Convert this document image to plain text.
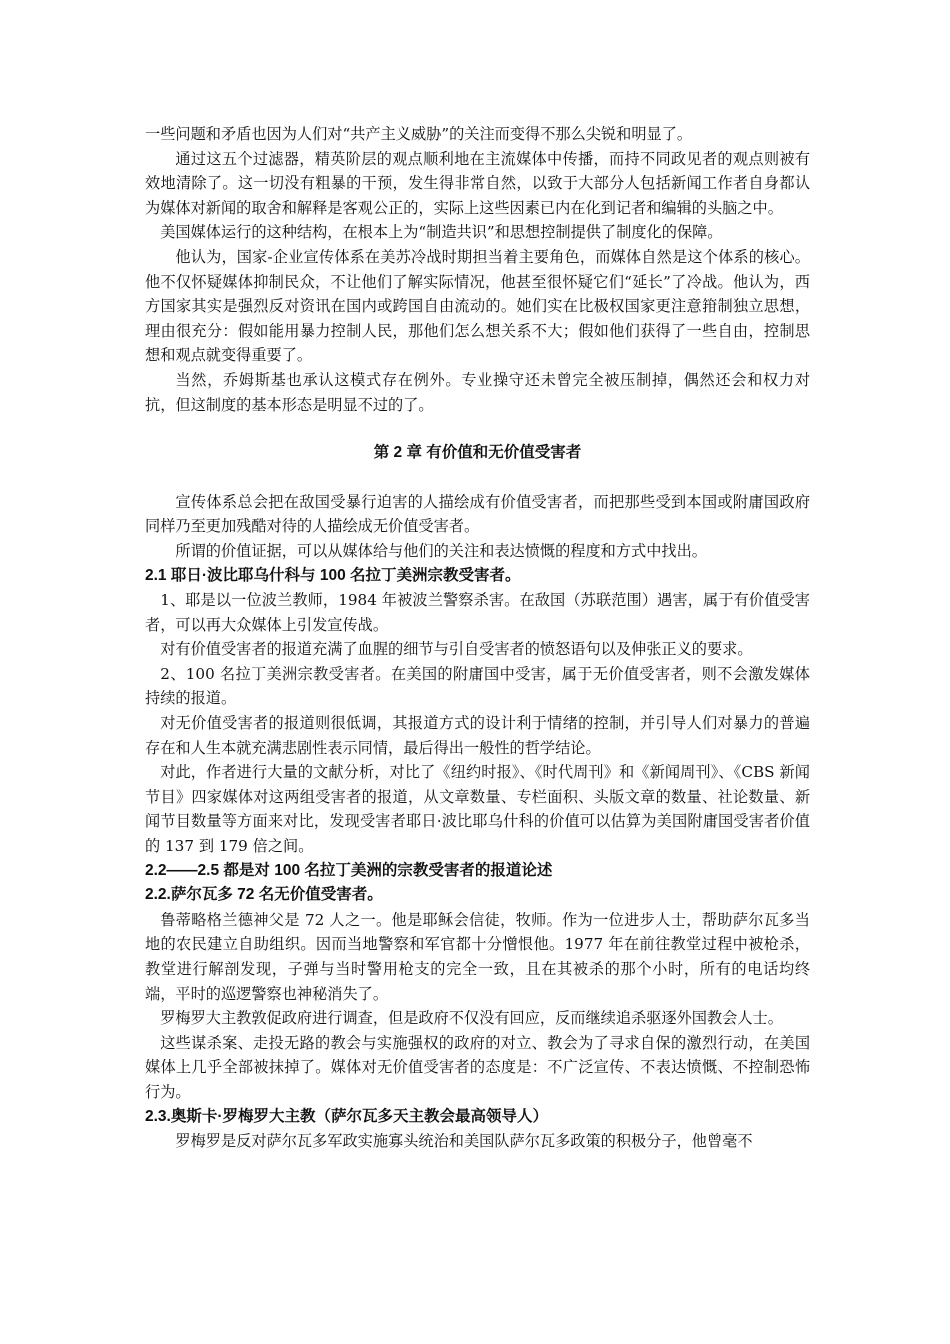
一些问题和矛盾也因为人们对“共产主义威胁”的关注而变得不那么尖锐和明显了。

通过这五个过滤器，精英阶层的观点顺利地在主流媒体中传播，而持不同政见者的观点则被有效地清除了。这一切没有粗暴的干预，发生得非常自然，以致于大部分人包括新闻工作者自身都认为媒体对新闻的取舍和解释是客观公正的，实际上这些因素已内在化到记者和编辑的头脑之中。

美国媒体运行的这种结构，在根本上为“制造共识”和思想控制提供了制度化的保障。

他认为，国家-企业宣传体系在美苏冷战时期担当着主要角色，而媒体自然是这个体系的核心。他不仅怀疑媒体抑制民众，不让他们了解实际情况，他甚至很怀疑它们“延长”了冷战。他认为，西方国家其实是强烈反对资讯在国内或跨国自由流动的。她们实在比极权国家更注意箝制独立思想，理由很充分：假如能用暴力控制人民，那他们怎么想关系不大；假如他们获得了一些自由，控制思想和观点就变得重要了。

当然，乔姆斯基也承认这模式存在例外。专业操守还未曾完全被压制掉，偶然还会和权力对抗，但这制度的基本形态是明显不过的了。

第 2 章 有价值和无价值受害者

宣传体系总会把在敌国受暴行迫害的人描绘成有价值受害者，而把那些受到本国或附庸国政府同样乃至更加残酷对待的人描绘成无价值受害者。

所谓的价值证据，可以从媒体给与他们的关注和表达愤慨的程度和方式中找出。

2.1 耶日·波比耶乌什科与 100 名拉丁美洲宗教受害者。

1、耶是以一位波兰教师，1984 年被波兰警察杀害。在敌国（苏联范围）遇害，属于有价值受害者，可以再大众媒体上引发宣传战。

对有价值受害者的报道充满了血腥的细节与引自受害者的愤怒语句以及伸张正义的要求。

2、100 名拉丁美洲宗教受害者。在美国的附庸国中受害，属于无价值受害者，则不会激发媒体持续的报道。

对无价值受害者的报道则很低调，其报道方式的设计利于情绪的控制，并引导人们对暴力的普遍存在和人生本就充满悲剧性表示同情，最后得出一般性的哲学结论。

对此，作者进行大量的文献分析，对比了《纽约时报》、《时代周刊》和《新闻周刊》、《CBS 新闻节目》四家媒体对这两组受害者的报道，从文章数量、专栏面积、头版文章的数量、社论数量、新闻节目数量等方面来对比，发现受害者耶日·波比耶乌什科的价值可以估算为美国附庸国受害者价值的 137 到 179 倍之间。

2.2——2.5 都是对 100 名拉丁美洲的宗教受害者的报道论述

2.2.萨尔瓦多 72 名无价值受害者。

鲁蒂略格兰德神父是 72 人之一。他是耶稣会信徒，牧师。作为一位进步人士，帮助萨尔瓦多当地的农民建立自助组织。因而当地警察和军官都十分憎恨他。1977 年在前往教堂过程中被枪杀，教堂进行解剖发现，子弹与当时警用枪支的完全一致，且在其被杀的那个小时，所有的电话均终端，平时的巡逻警察也神秘消失了。

罗梅罗大主教敦促政府进行调查，但是政府不仅没有回应，反而继续追杀驱逐外国教会人士。

这些谋杀案、走投无路的教会与实施强权的政府的对立、教会为了寻求自保的激烈行动，在美国媒体上几乎全部被抹掉了。媒体对无价值受害者的态度是：不广泛宣传、不表达愤慨、不控制恐怖行为。

2.3.奥斯卡·罗梅罗大主教（萨尔瓦多天主教会最高领导人）

罗梅罗是反对萨尔瓦多军政实施寡头统治和美国队萨尔瓦多政策的积极分子，他曾毫不
